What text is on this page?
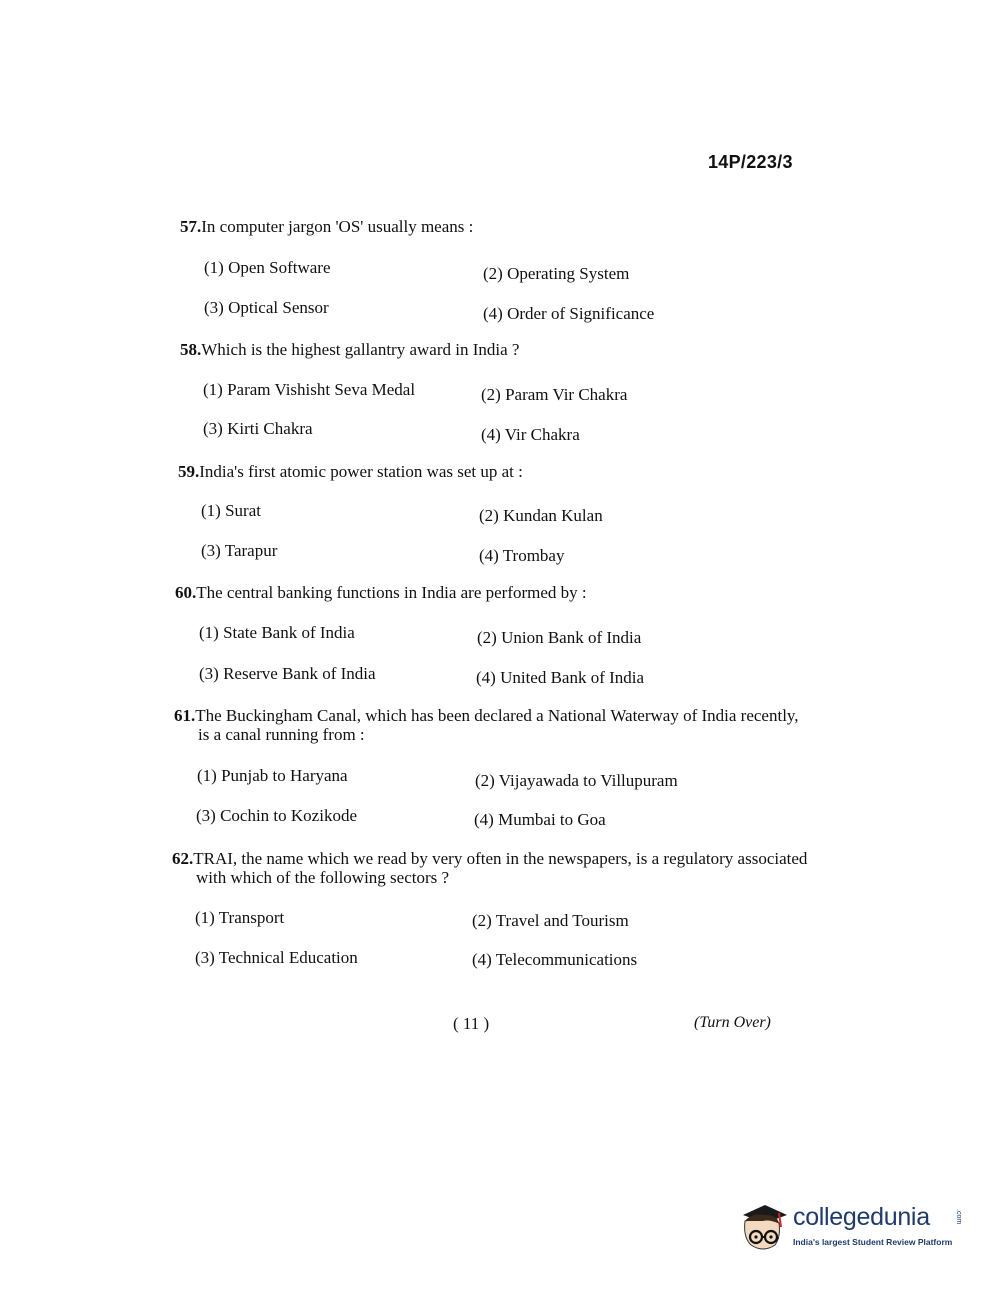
14P/223/3
57.In computer jargon 'OS' usually means :
(1) Open Software	(2) Operating System
(3) Optical Sensor	(4) Order of Significance
58.Which is the highest gallantry award in India ?
(1) Param Vishisht Seva Medal	(2) Param Vir Chakra
(3) Kirti Chakra	(4) Vir Chakra
59.India's first atomic power station was set up at :
(1) Surat	(2) Kundan Kulan
(3) Tarapur	(4) Trombay
60.The central banking functions in India are performed by :
(1) State Bank of India	(2) Union Bank of India
(3) Reserve Bank of India	(4) United Bank of India
61.The Buckingham Canal, which has been declared a National Waterway of India recently, is a canal running from :
(1) Punjab to Haryana	(2) Vijayawada to Villupuram
(3) Cochin to Kozikode	(4) Mumbai to Goa
62.TRAI, the name which we read by very often in the newspapers, is a regulatory associated with which of the following sectors ?
(1) Transport	(2) Travel and Tourism
(3) Technical Education	(4) Telecommunications
( 11 )	(Turn Over)
collegedunia	.com
India's largest Student Review Platform
